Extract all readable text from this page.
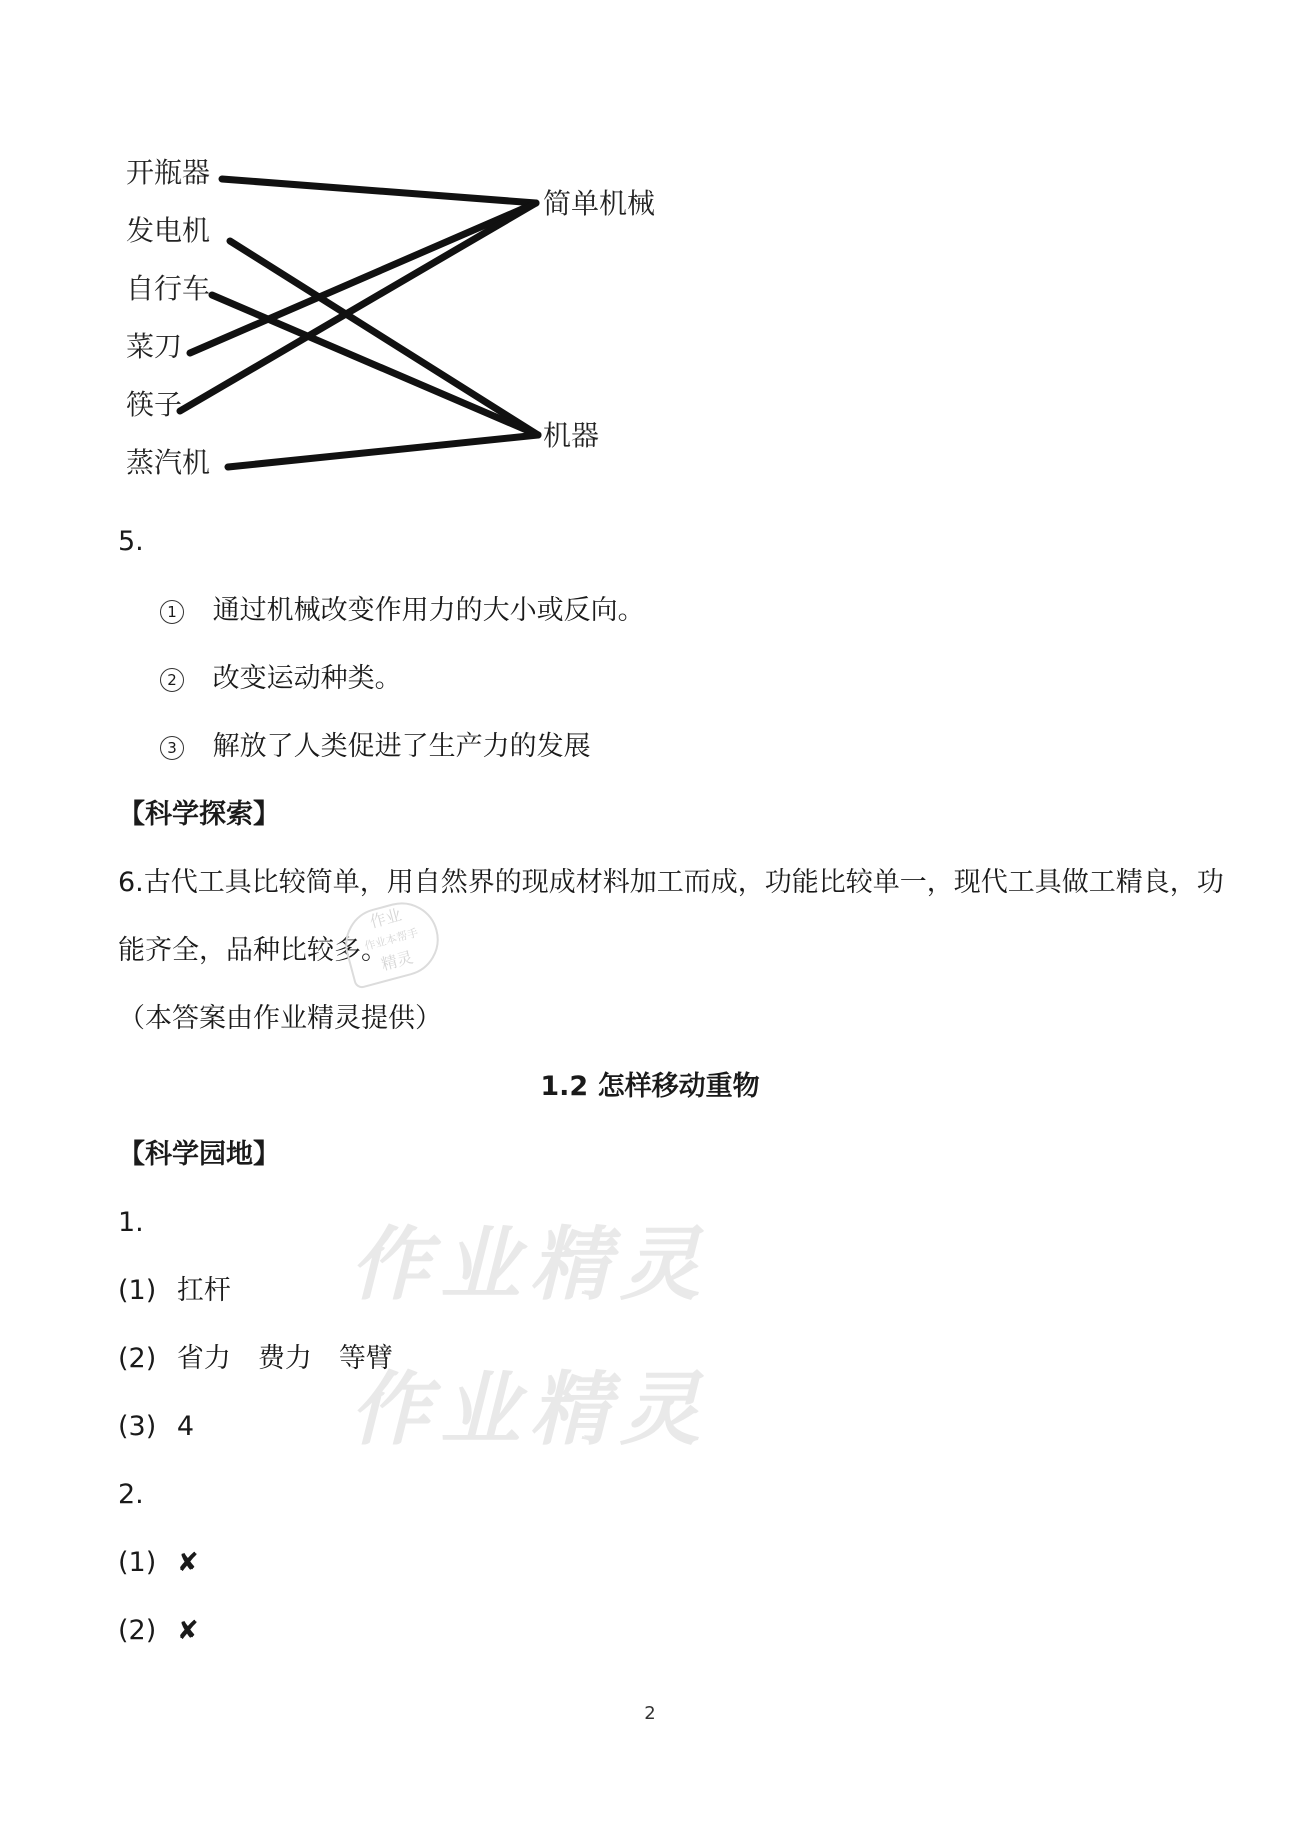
开瓶器
发电机
自行车
菜刀
筷子
蒸汽机
简单机械
机器
5.
1 通过机械改变作用力的大小或反向。
2 改变运动种类。
3 解放了人类促进了生产力的发展
【科学探索】
6.古代工具比较简单，用自然界的现成材料加工而成，功能比较单一，现代工具做工精良，功
能齐全，品种比较多。
作业
作业本帮手
精灵
（本答案由作业精灵提供）
1.2 怎样移动重物
【科学园地】
作业精灵
作业精灵
1.
(1) 扛杆
(2) 省力　费力　等臂
(3) 4
2.
(1) ✘
(2) ✘
2
